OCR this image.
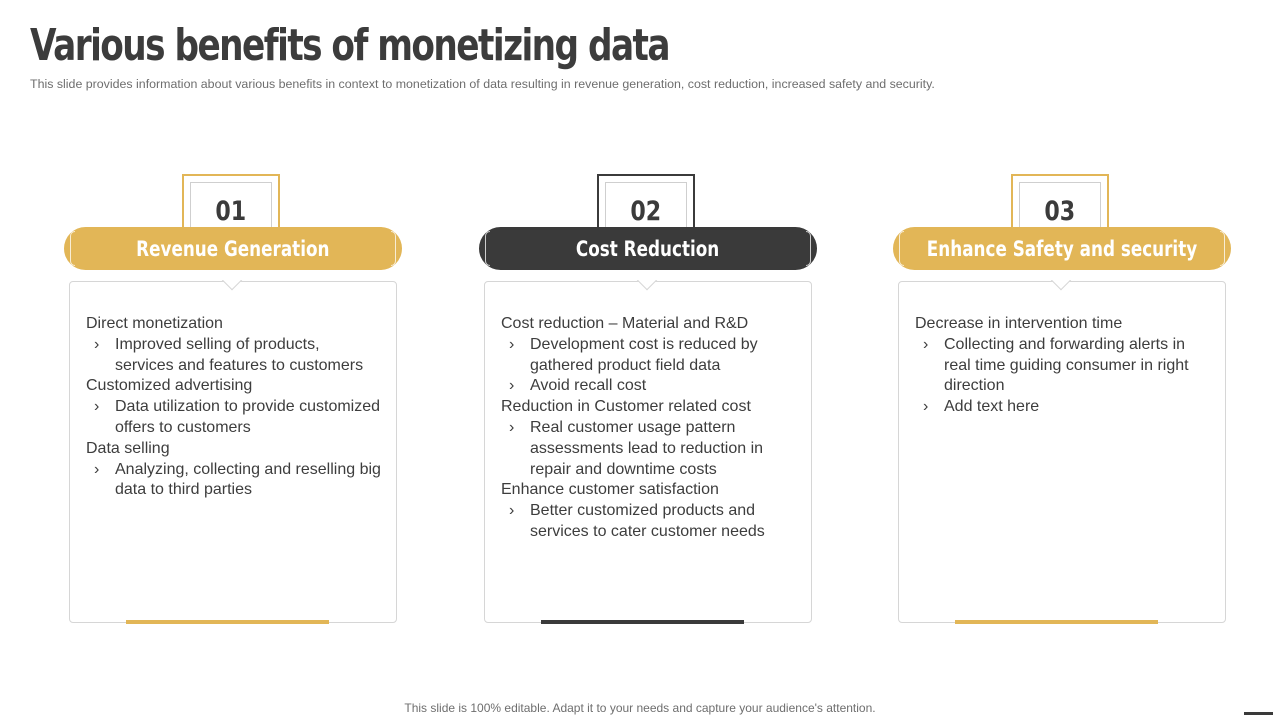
Various benefits of monetizing data
This slide provides information about various benefits in context to monetization of data resulting in revenue generation, cost reduction, increased safety and security.
01
Revenue Generation
Direct monetization
› Improved selling of products, services and features to customers
Customized advertising
› Data utilization to provide customized offers to customers
Data selling
› Analyzing, collecting and reselling big data to third parties
02
Cost Reduction
Cost reduction – Material and R&D
› Development cost is reduced by gathered product field data
› Avoid recall cost
Reduction in Customer related cost
› Real customer usage pattern assessments lead to reduction in repair and downtime costs
Enhance customer satisfaction
› Better customized products and services to cater customer needs
03
Enhance Safety and security
Decrease in intervention time
› Collecting and forwarding alerts in real time guiding consumer in right direction
› Add text here
This slide is 100% editable. Adapt it to your needs and capture your audience's attention.
